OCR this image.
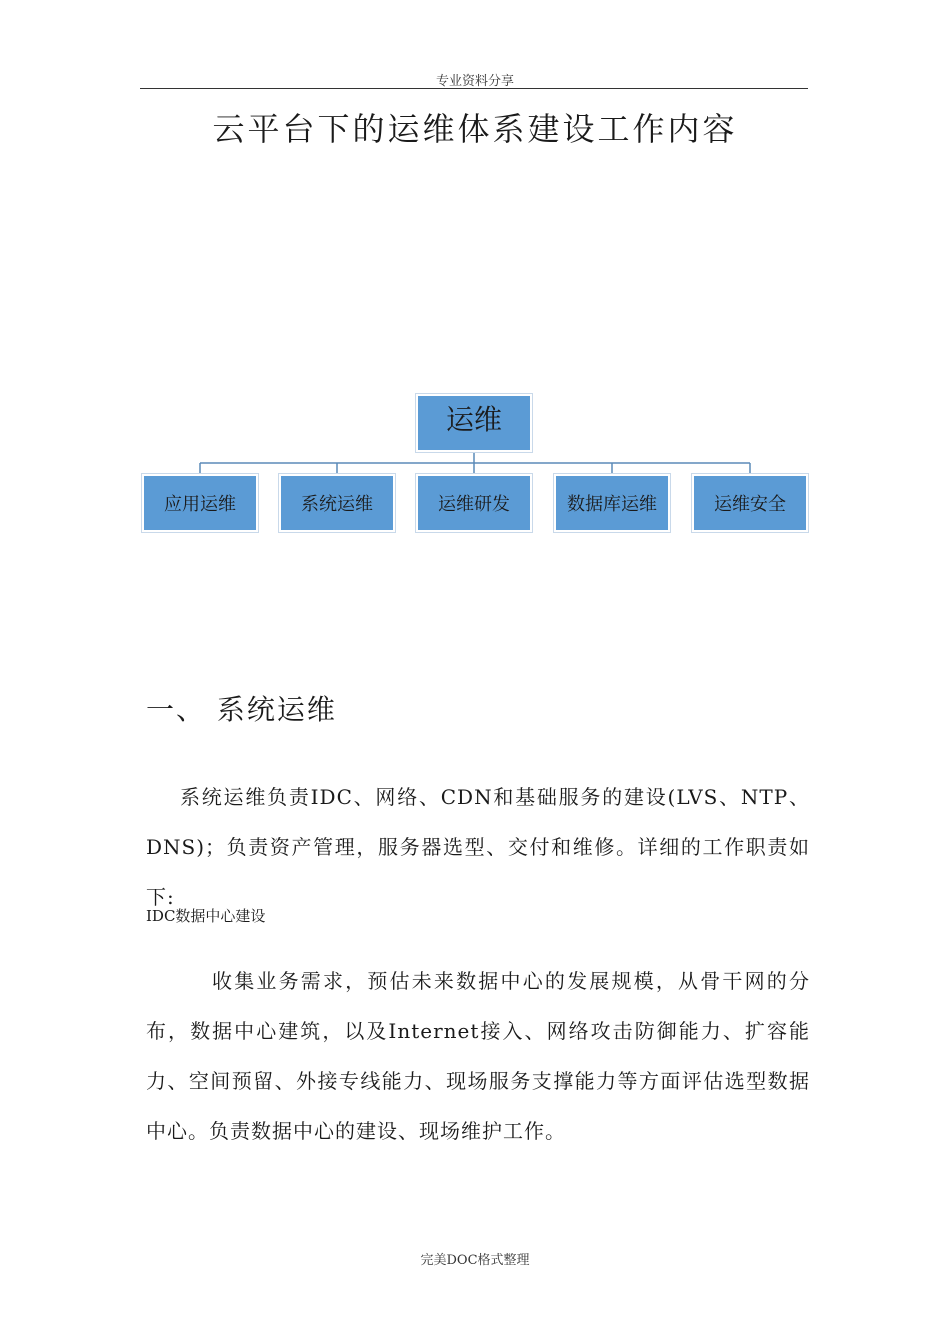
专业资料分享
云平台下的运维体系建设工作内容
运维
应用运维	系统运维	运维研发	数据库运维	运维安全
一、 系统运维

系统运维负责IDC、网络、CDN和基础服务的建设(LVS、NTP、DNS)；负责资产管理，服务器选型、交付和维修。详细的工作职责如下:

IDC数据中心建设

收集业务需求，预估未来数据中心的发展规模，从骨干网的分布，数据中心建筑，以及Internet接入、网络攻击防御能力、扩容能力、空间预留、外接专线能力、现场服务支撑能力等方面评估选型数据中心。负责数据中心的建设、现场维护工作。

完美DOC格式整理
